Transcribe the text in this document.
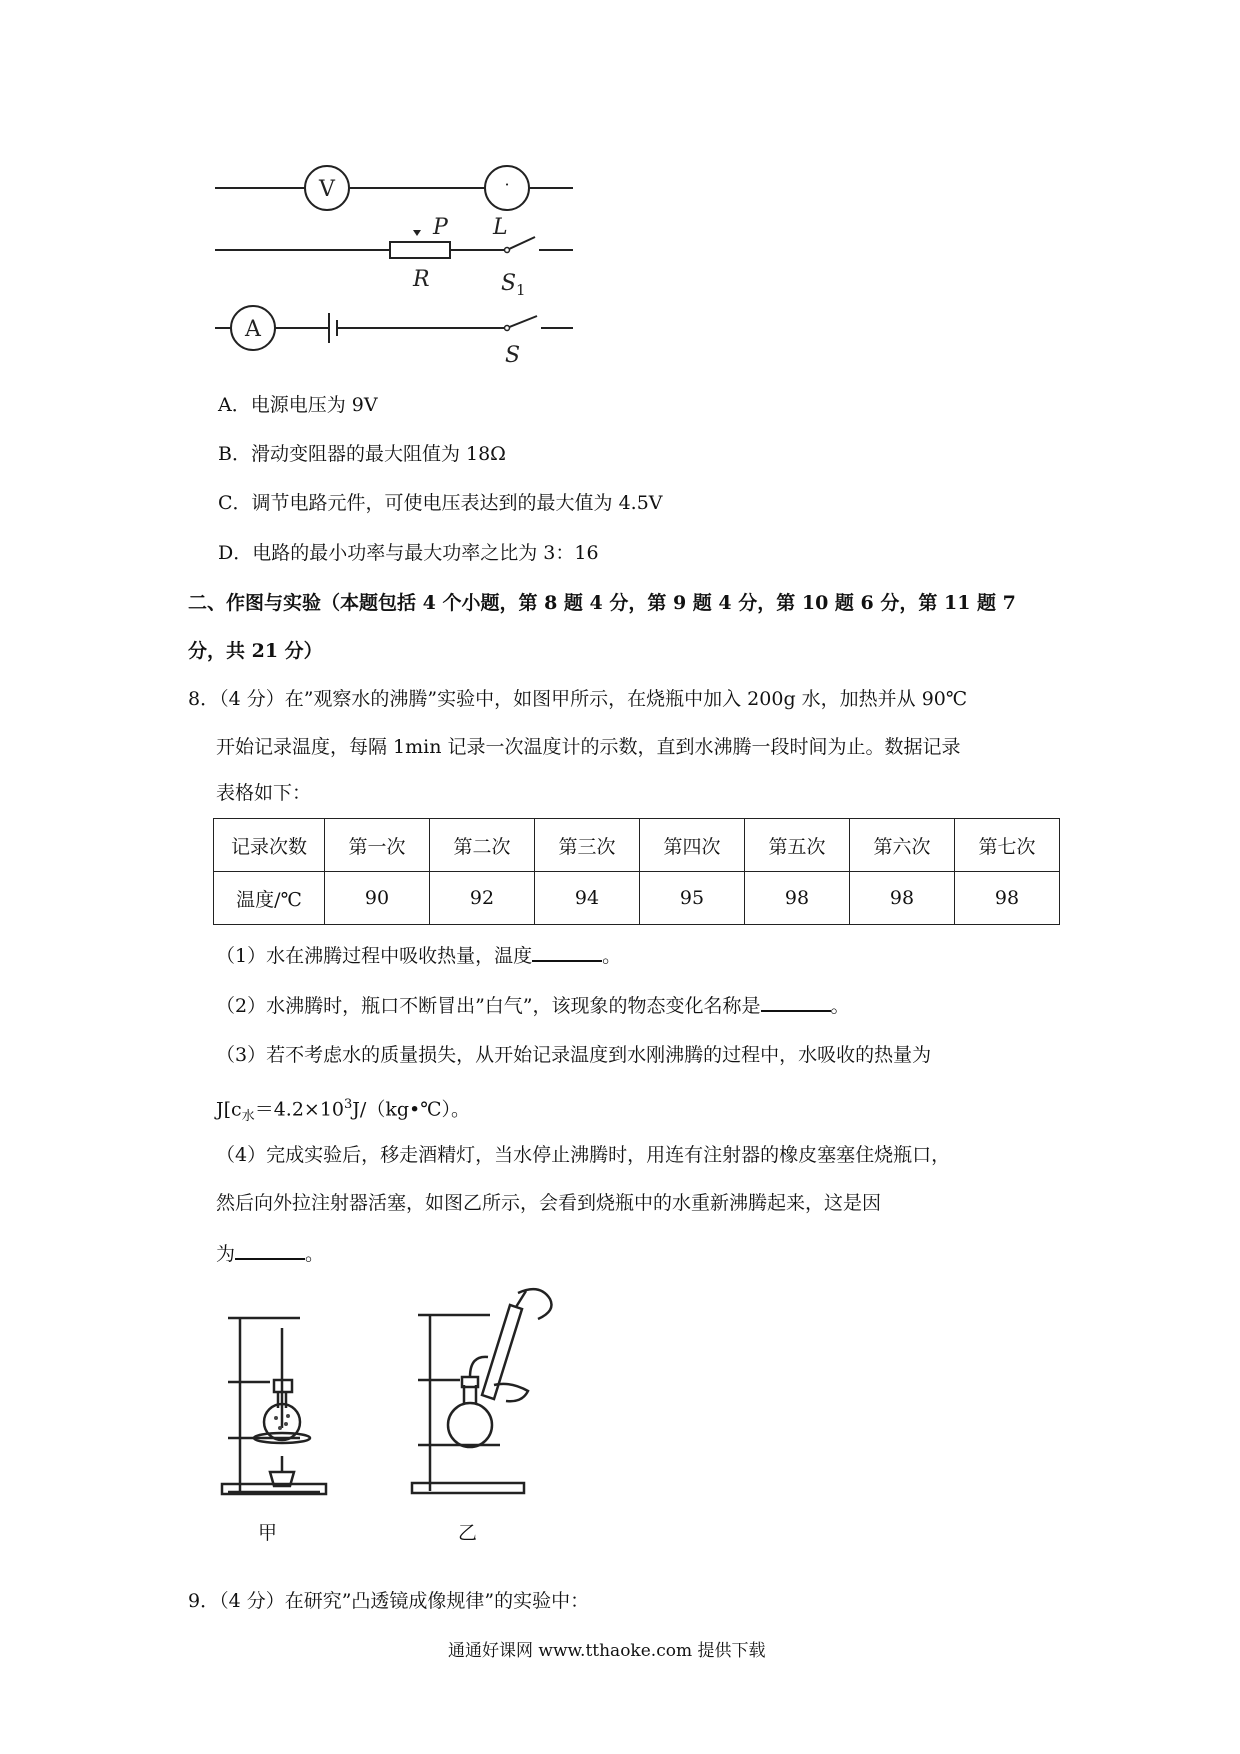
V	·
P L
R	S 1
A
S
A．电源电压为 9V
B．滑动变阻器的最大阻值为 18Ω
C．调节电路元件，可使电压表达到的最大值为 4.5V
D．电路的最小功率与最大功率之比为 3：16
二、作图与实验（本题包括 4 个小题，第 8 题 4 分，第 9 题 4 分，第 10 题 6 分，第 11 题 7
分，共 21 分）
8．（4 分）在”观察水的沸腾”实验中，如图甲所示，在烧瓶中加入 200g 水，加热并从 90℃
开始记录温度，每隔 1min 记录一次温度计的示数，直到水沸腾一段时间为止。数据记录
表格如下：
记录次数	第一次	第二次	第三次	第四次	第五次	第六次	第七次
温度/℃	90	92	94	95	98	98	98
（1）水在沸腾过程中吸收热量，温度	。
（2）水沸腾时，瓶口不断冒出”白气”，该现象的物态变化名称是	。
（3）若不考虑水的质量损失，从开始记录温度到水刚沸腾的过程中，水吸收的热量为
$J[c_水=4.2\times 10^3J/(kg•℃)$。
（4）完成实验后，移走酒精灯，当水停止沸腾时，用连有注射器的橡皮塞塞住烧瓶口，
然后向外拉注射器活塞，如图乙所示，会看到烧瓶中的水重新沸腾起来，这是因
为	。
甲	乙
9．（4 分）在研究”凸透镜成像规律”的实验中：
通通好课网 www.tthaoke.com 提供下载
